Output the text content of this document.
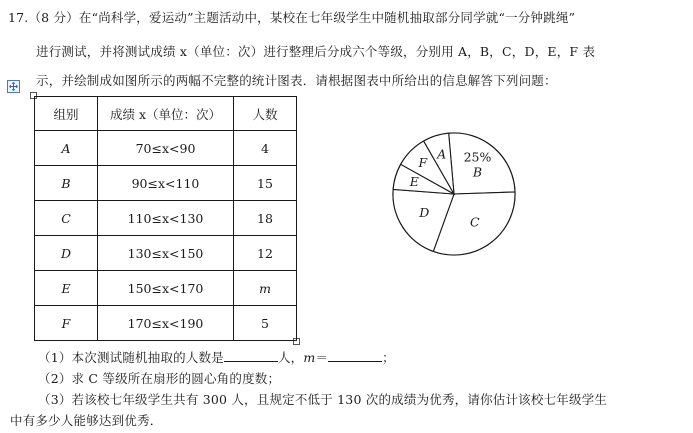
17.（8 分）在“尚科学，爱运动”主题活动中，某校在七年级学生中随机抽取部分同学就“一分钟跳绳”
进行测试，并将测试成绩 x（单位：次）进行整理后分成六个等级，分别用 A，B，C，D，E，F 表
示，并绘制成如图所示的两幅不完整的统计图表．请根据图表中所给出的信息解答下列问题：
组别	成绩 x（单位：次）	人数
A	70≤x<90	4
B	90≤x<110	15
C	110≤x<130	18
D	130≤x<150	12
E	150≤x<170	m
F	170≤x<190	5
B
25%
C
D
E
F
A
（1）本次测试随机抽取的人数是	人，m＝	；
（2）求 C 等级所在扇形的圆心角的度数；
（3）若该校七年级学生共有 300 人，且规定不低于 130 次的成绩为优秀，请你估计该校七年级学生
中有多少人能够达到优秀．
